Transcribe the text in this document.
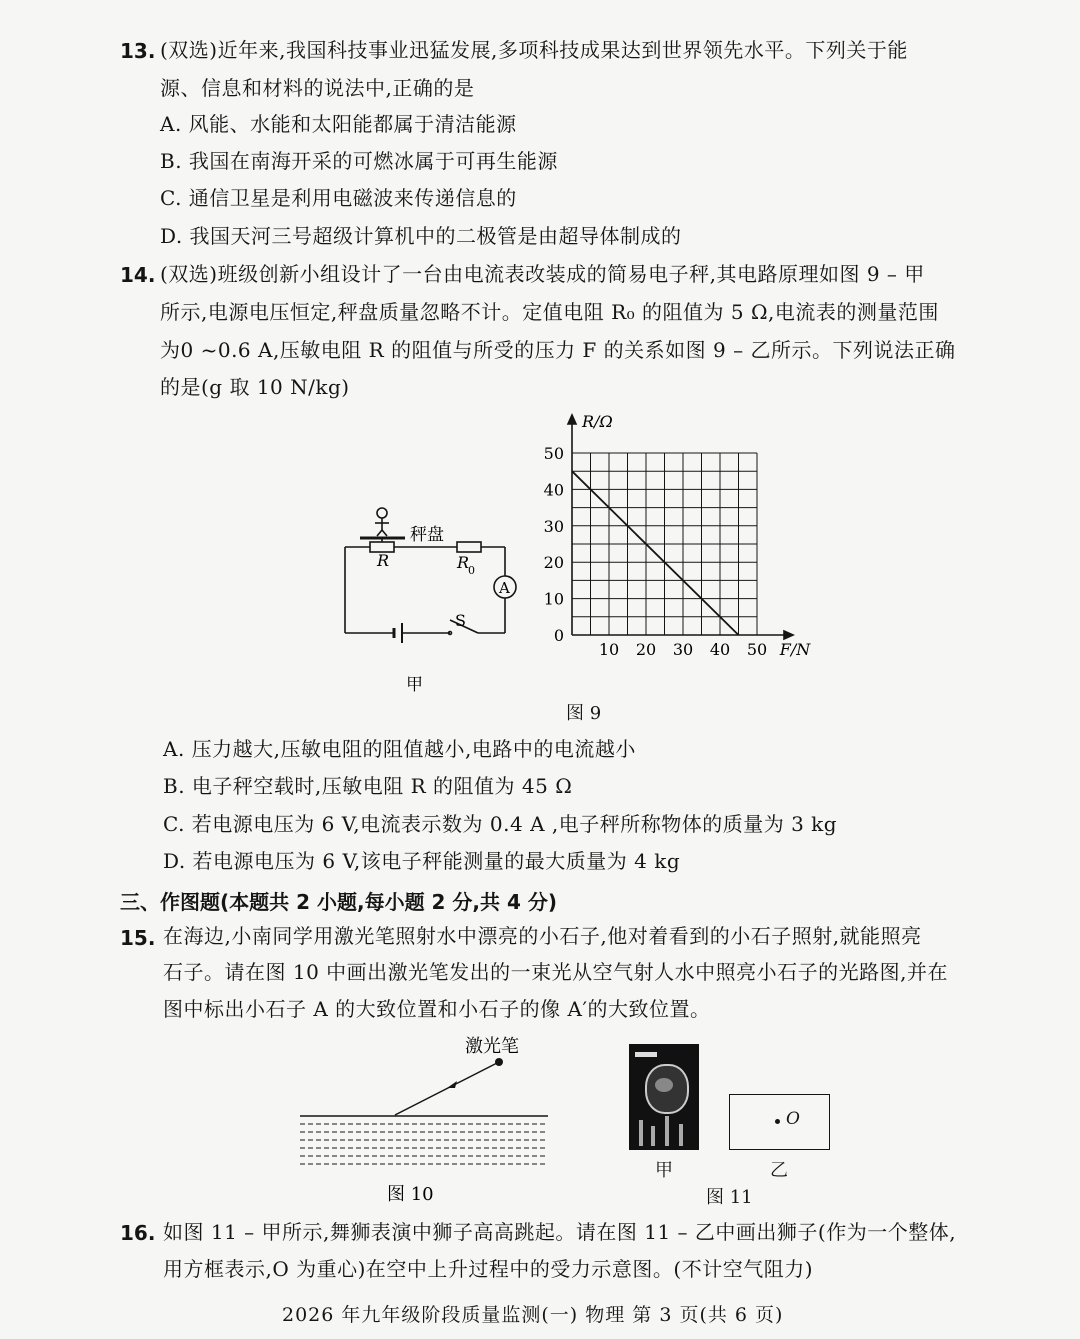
13. (双选)近年来,我国科技事业迅猛发展,多项科技成果达到世界领先水平。下列关于能
源、信息和材料的说法中,正确的是
A. 风能、水能和太阳能都属于清洁能源
B. 我国在南海开采的可燃冰属于可再生能源
C. 通信卫星是利用电磁波来传递信息的
D. 我国天河三号超级计算机中的二极管是由超导体制成的
14. (双选)班级创新小组设计了一台由电流表改装成的简易电子秤,其电路原理如图 9 – 甲
所示,电源电压恒定,秤盘质量忽略不计。定值电阻 R₀ 的阻值为 5 Ω,电流表的测量范围
为0 ~0.6 A,压敏电阻 R 的阻值与所受的压力 F 的关系如图 9 – 乙所示。下列说法正确
的是(g 取 10 N/kg)
秤盘
R	R
0
A
S
甲
10 20 30 40 50
0
10
20
30
40
50
F/N
R/Ω
图 9
A. 压力越大,压敏电阻的阻值越小,电路中的电流越小
B. 电子秤空载时,压敏电阻 R 的阻值为 45 Ω
C. 若电源电压为 6 V,电流表示数为 0.4 A ,电子秤所称物体的质量为 3 kg
D. 若电源电压为 6 V,该电子秤能测量的最大质量为 4 kg
三、作图题(本题共 2 小题,每小题 2 分,共 4 分)
15. 在海边,小南同学用激光笔照射水中漂亮的小石子,他对着看到的小石子照射,就能照亮
石子。请在图 10 中画出激光笔发出的一束光从空气射人水中照亮小石子的光路图,并在
图中标出小石子 A 的大致位置和小石子的像 A′的大致位置。
激光笔
图 10
甲
O
乙
图 11
16. 如图 11 – 甲所示,舞狮表演中狮子高高跳起。请在图 11 – 乙中画出狮子(作为一个整体,
用方框表示,O 为重心)在空中上升过程中的受力示意图。(不计空气阻力)
2026 年九年级阶段质量监测(一) 物理 第 3 页(共 6 页)
